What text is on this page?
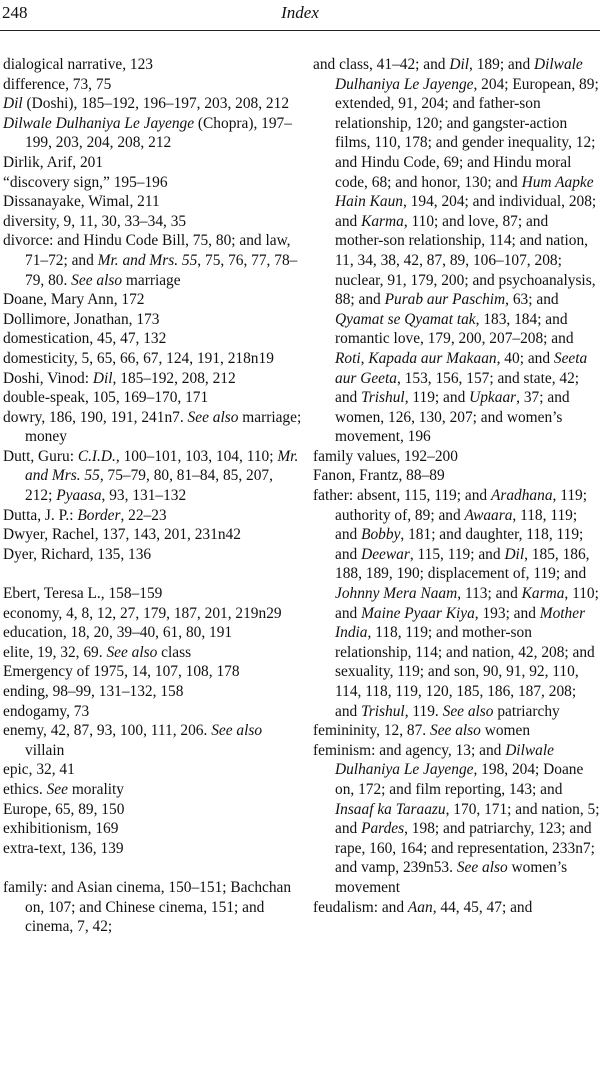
248	Index
dialogical narrative, 123
difference, 73, 75
Dil (Doshi), 185–192, 196–197, 203, 208, 212
Dilwale Dulhaniya Le Jayenge (Chopra), 197–199, 203, 204, 208, 212
Dirlik, Arif, 201
“discovery sign,” 195–196
Dissanayake, Wimal, 211
diversity, 9, 11, 30, 33–34, 35
divorce: and Hindu Code Bill, 75, 80; and law, 71–72; and Mr. and Mrs. 55, 75, 76, 77, 78–79, 80. See also marriage
Doane, Mary Ann, 172
Dollimore, Jonathan, 173
domestication, 45, 47, 132
domesticity, 5, 65, 66, 67, 124, 191, 218n19
Doshi, Vinod: Dil, 185–192, 208, 212
double-speak, 105, 169–170, 171
dowry, 186, 190, 191, 241n7. See also marriage; money
Dutt, Guru: C.I.D., 100–101, 103, 104, 110; Mr. and Mrs. 55, 75–79, 80, 81–84, 85, 207, 212; Pyaasa, 93, 131–132
Dutta, J. P.: Border, 22–23
Dwyer, Rachel, 137, 143, 201, 231n42
Dyer, Richard, 135, 136
Ebert, Teresa L., 158–159
economy, 4, 8, 12, 27, 179, 187, 201, 219n29
education, 18, 20, 39–40, 61, 80, 191
elite, 19, 32, 69. See also class
Emergency of 1975, 14, 107, 108, 178
ending, 98–99, 131–132, 158
endogamy, 73
enemy, 42, 87, 93, 100, 111, 206. See also villain
epic, 32, 41
ethics. See morality
Europe, 65, 89, 150
exhibitionism, 169
extra-text, 136, 139
family: and Asian cinema, 150–151; Bachchan on, 107; and Chinese cinema, 151; and cinema, 7, 42;
and class, 41–42; and Dil, 189; and Dilwale Dulhaniya Le Jayenge, 204; European, 89; extended, 91, 204; and father-son relationship, 120; and gangster-action films, 110, 178; and gender inequality, 12; and Hindu Code, 69; and Hindu moral code, 68; and honor, 130; and Hum Aapke Hain Kaun, 194, 204; and individual, 208; and Karma, 110; and love, 87; and mother-son relationship, 114; and nation, 11, 34, 38, 42, 87, 89, 106–107, 208; nuclear, 91, 179, 200; and psychoanalysis, 88; and Purab aur Paschim, 63; and Qyamat se Qyamat tak, 183, 184; and romantic love, 179, 200, 207–208; and Roti, Kapada aur Makaan, 40; and Seeta aur Geeta, 153, 156, 157; and state, 42; and Trishul, 119; and Upkaar, 37; and women, 126, 130, 207; and women’s movement, 196
family values, 192–200
Fanon, Frantz, 88–89
father: absent, 115, 119; and Aradhana, 119; authority of, 89; and Awaara, 118, 119; and Bobby, 181; and daughter, 118, 119; and Deewar, 115, 119; and Dil, 185, 186, 188, 189, 190; displacement of, 119; and Johnny Mera Naam, 113; and Karma, 110; and Maine Pyaar Kiya, 193; and Mother India, 118, 119; and mother-son relationship, 114; and nation, 42, 208; and sexuality, 119; and son, 90, 91, 92, 110, 114, 118, 119, 120, 185, 186, 187, 208; and Trishul, 119. See also patriarchy
femininity, 12, 87. See also women
feminism: and agency, 13; and Dilwale Dulhaniya Le Jayenge, 198, 204; Doane on, 172; and film reporting, 143; and Insaaf ka Taraazu, 170, 171; and nation, 5; and Pardes, 198; and patriarchy, 123; and rape, 160, 164; and representation, 233n7; and vamp, 239n53. See also women’s movement
feudalism: and Aan, 44, 45, 47; and
